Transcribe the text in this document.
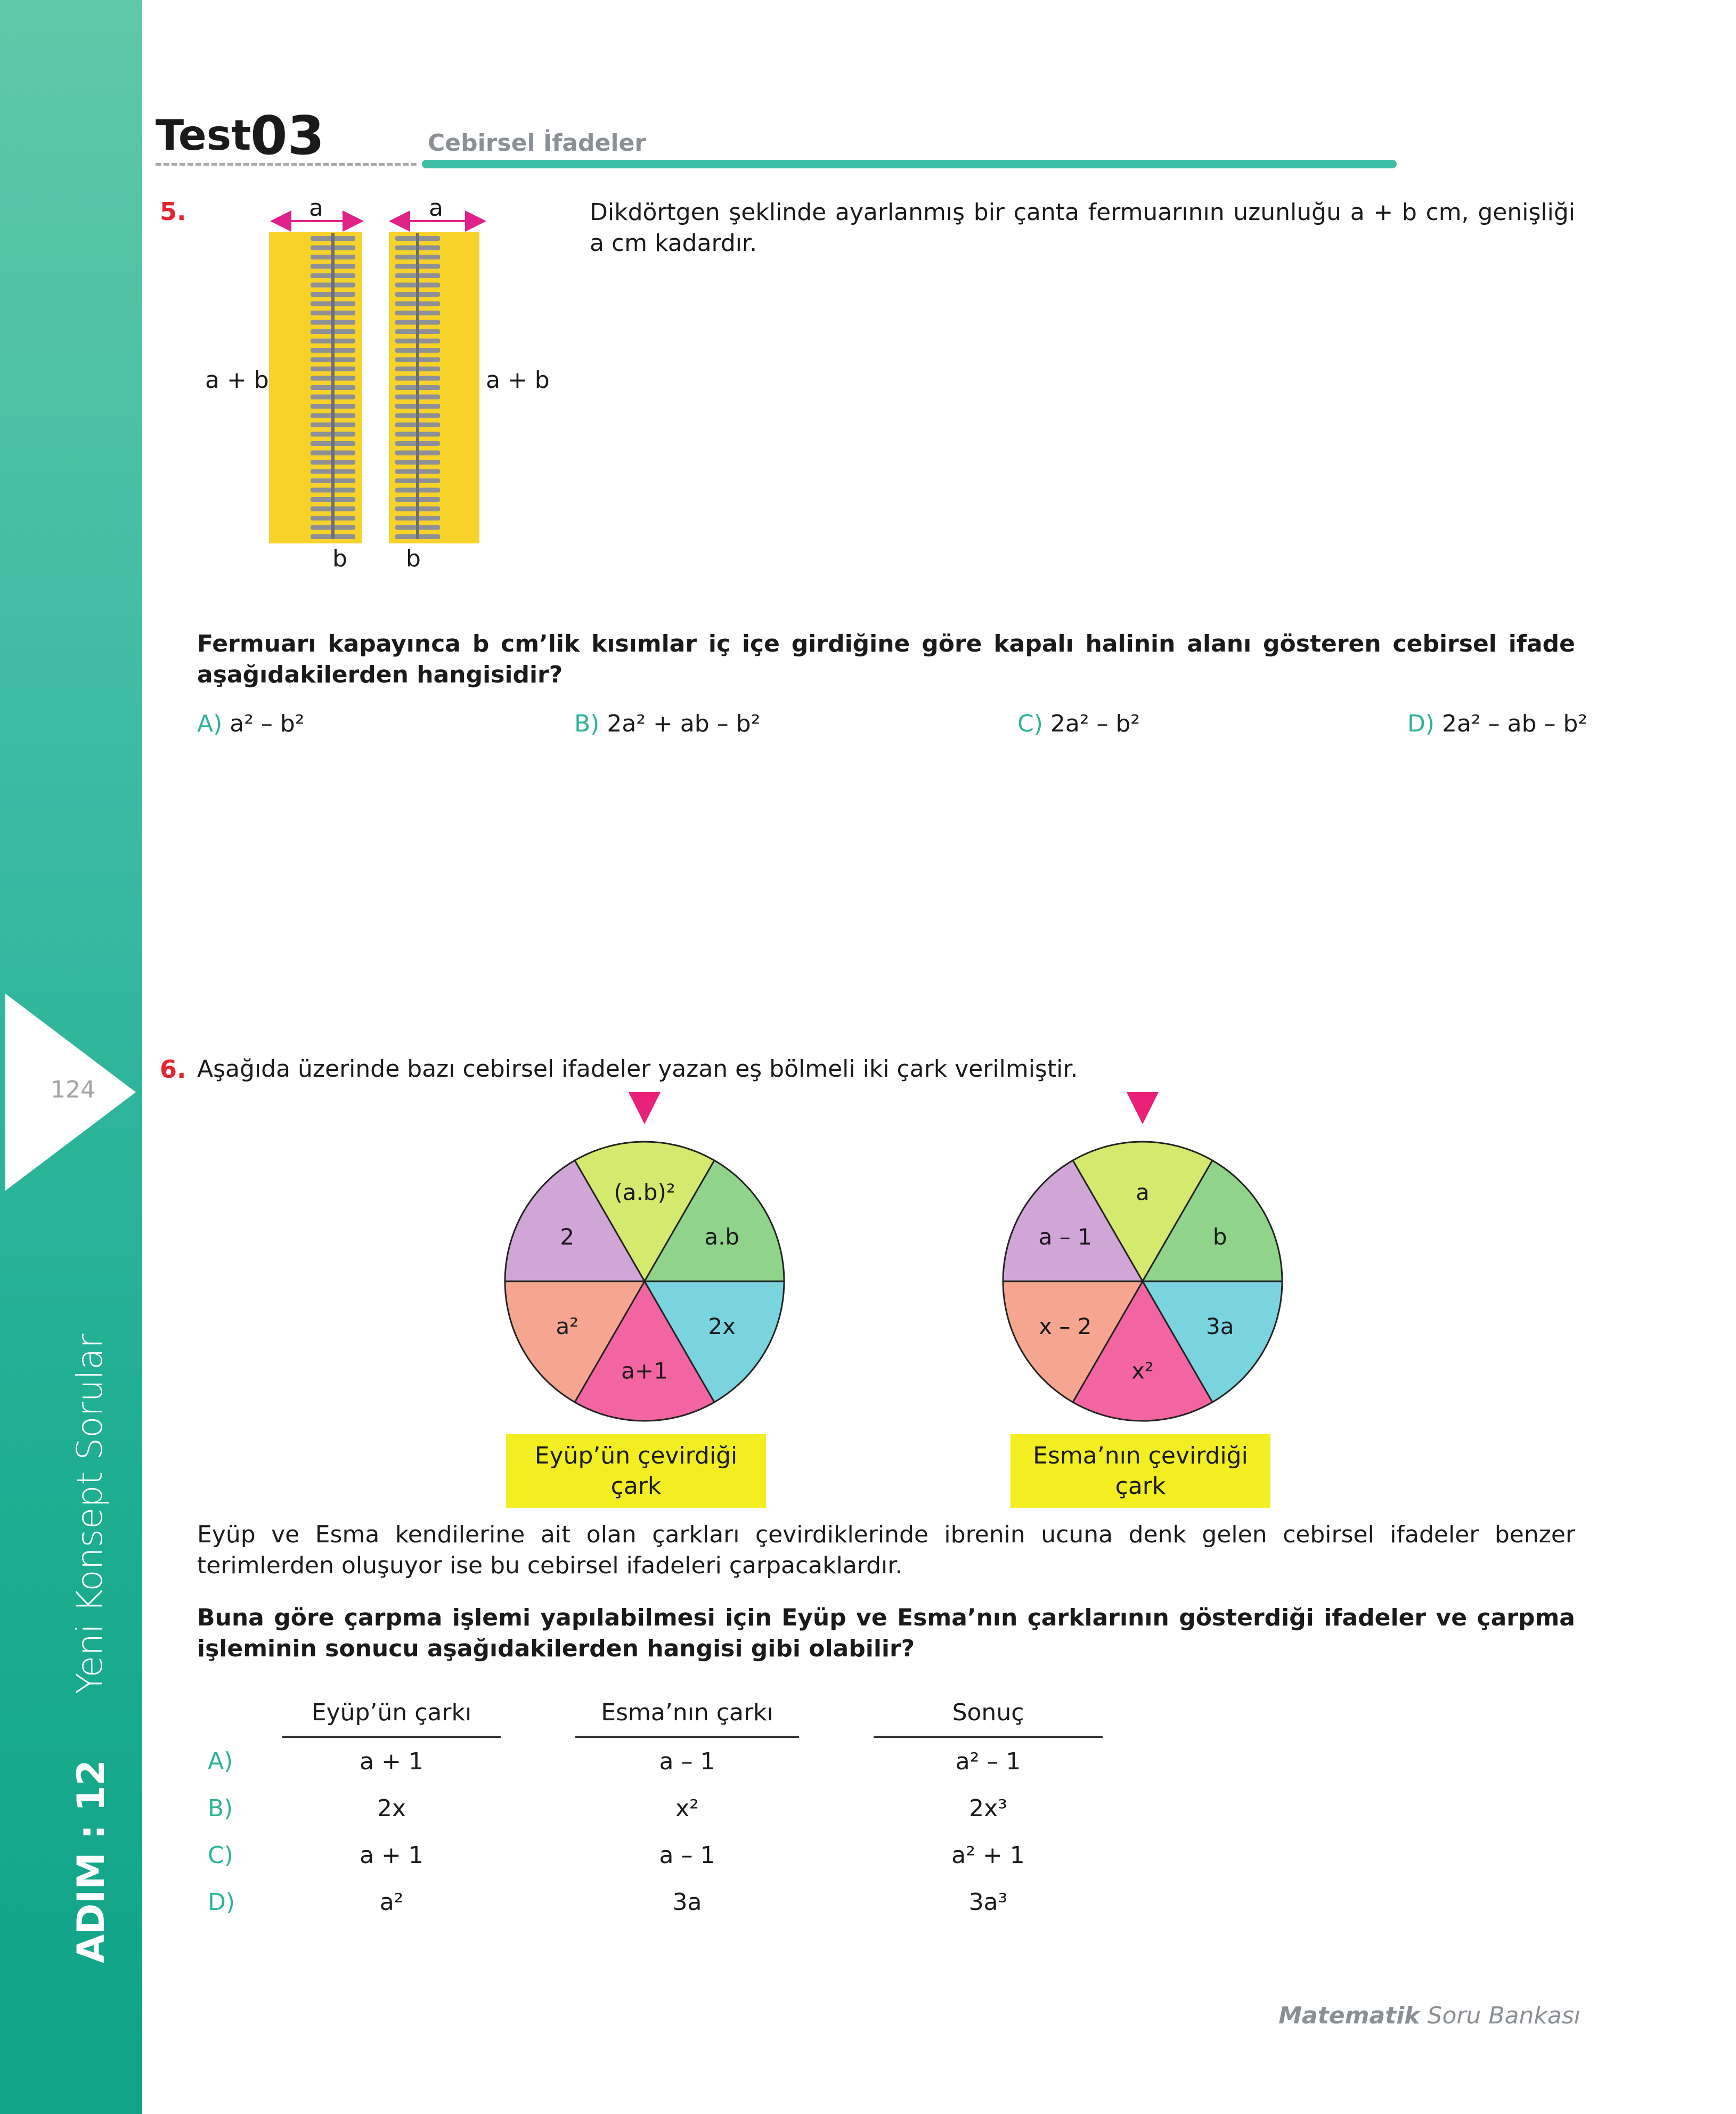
124
Yeni Konsept Sorular
ADIM : 12
Test
03	Cebirsel İfadeler
5.	a	a
a + b	a + b
b	b
Dikdörtgen şeklinde ayarlanmış bir çanta fermuarının uzunluğu a + b cm, genişliği a cm kadardır.
Fermuarı kapayınca b cm’lik kısımlar iç içe girdiğine göre kapalı halinin alanı gösteren cebirsel ifade aşağıdakilerden hangisidir?
A) a² – b²	B) 2a² + ab – b²	C) 2a² – b²	D) 2a² – ab – b²
6. Aşağıda üzerinde bazı cebirsel ifadeler yazan eş bölmeli iki çark verilmiştir.
(a.b)²
a.b
2x
a+1
a²
2
a
b
3a
x²
x – 2
a – 1
Eyüp’ün çevirdiği
çark
Esma’nın çevirdiği
çark
Eyüp ve Esma kendilerine ait olan çarkları çevirdiklerinde ibrenin ucuna denk gelen cebirsel ifadeler benzer terimlerden oluşuyor ise bu cebirsel ifadeleri çarpacaklardır.
Buna göre çarpma işlemi yapılabilmesi için Eyüp ve Esma’nın çarklarının gösterdiği ifadeler ve çarpma işleminin sonucu aşağıdakilerden hangisi gibi olabilir?
	Eyüp’ün çarkı		Esma’nın çarkı		Sonuç
A)	a + 1		a – 1		a² – 1
B)	2x		x²		2x³
C)	a + 1		a – 1		a² + 1
D)	a²		3a		3a³
Matematik Soru Bankası
